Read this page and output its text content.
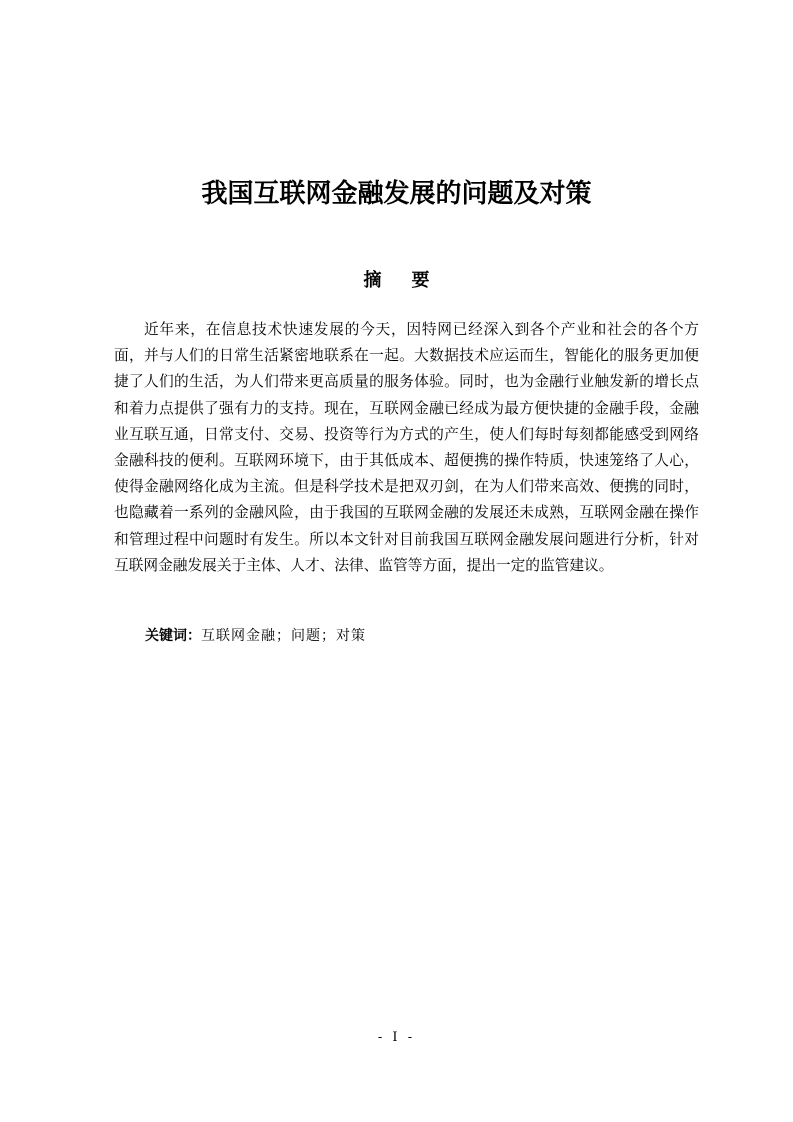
我国互联网金融发展的问题及对策
摘要

近年来，在信息技术快速发展的今天，因特网已经深入到各个产业和社会的各个方面，并与人们的日常生活紧密地联系在一起。大数据技术应运而生，智能化的服务更加便捷了人们的生活，为人们带来更高质量的服务体验。同时，也为金融行业触发新的增长点和着力点提供了强有力的支持。现在，互联网金融已经成为最方便快捷的金融手段，金融业互联互通，日常支付、交易、投资等行为方式的产生，使人们每时每刻都能感受到网络金融科技的便利。互联网环境下，由于其低成本、超便携的操作特质，快速笼络了人心，使得金融网络化成为主流。但是科学技术是把双刃剑，在为人们带来高效、便携的同时，也隐藏着一系列的金融风险，由于我国的互联网金融的发展还未成熟，互联网金融在操作和管理过程中问题时有发生。所以本文针对目前我国互联网金融发展问题进行分析，针对互联网金融发展关于主体、人才、法律、监管等方面，提出一定的监管建议。

关键词：互联网金融；问题；对策
- I -
